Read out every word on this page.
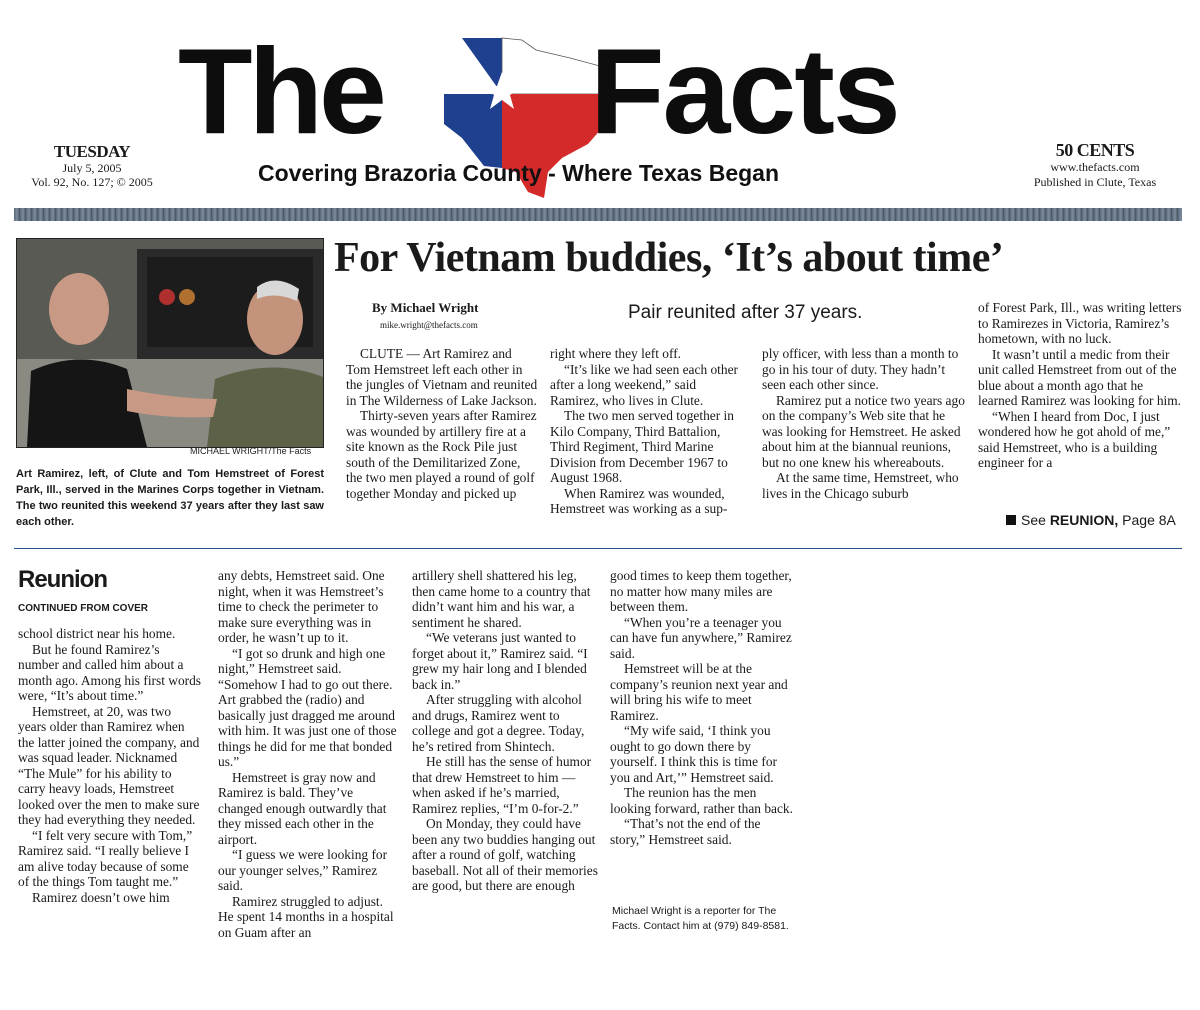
The Facts
Covering Brazoria County - Where Texas Began
TUESDAY
July 5, 2005
Vol. 92, No. 127; © 2005
50 CENTS
www.thefacts.com
Published in Clute, Texas
MICHAEL WRIGHT/The Facts
Art Ramirez, left, of Clute and Tom Hemstreet of Forest Park, Ill., served in the Marines Corps together in Vietnam. The two reunited this weekend 37 years after they last saw each other.
For Vietnam buddies, ‘It’s about time’
By Michael Wright
mike.wright@thefacts.com
Pair reunited after 37 years.

CLUTE — Art Ramirez and Tom Hemstreet left each other in the jungles of Vietnam and reunited in The Wilderness of Lake Jackson.

Thirty-seven years after Ramirez was wounded by artillery fire at a site known as the Rock Pile just south of the Demilitarized Zone, the two men played a round of golf together Monday and picked up

right where they left off.

“It’s like we had seen each other after a long weekend,” said Ramirez, who lives in Clute.

The two men served together in Kilo Company, Third Battalion, Third Regiment, Third Marine Division from December 1967 to August 1968.

When Ramirez was wounded, Hemstreet was working as a sup-

ply officer, with less than a month to go in his tour of duty. They hadn’t seen each other since.

Ramirez put a notice two years ago on the company’s Web site that he was looking for Hemstreet. He asked about him at the biannual reunions, but no one knew his whereabouts.

At the same time, Hemstreet, who lives in the Chicago suburb

of Forest Park, Ill., was writing letters to Ramirezes in Victoria, Ramirez’s hometown, with no luck.

It wasn’t until a medic from their unit called Hemstreet from out of the blue about a month ago that he learned Ramirez was looking for him.

“When I heard from Doc, I just wondered how he got ahold of me,” said Hemstreet, who is a building engineer for a

See REUNION, Page 8A
Reunion
CONTINUED FROM COVER

school district near his home.

But he found Ramirez’s number and called him about a month ago. Among his first words were, “It’s about time.”

Hemstreet, at 20, was two years older than Ramirez when the latter joined the company, and was squad leader. Nicknamed “The Mule” for his ability to carry heavy loads, Hemstreet looked over the men to make sure they had everything they needed.

“I felt very secure with Tom,” Ramirez said. “I really believe I am alive today because of some of the things Tom taught me.”

Ramirez doesn’t owe him

any debts, Hemstreet said. One night, when it was Hemstreet’s time to check the perimeter to make sure everything was in order, he wasn’t up to it.

“I got so drunk and high one night,” Hemstreet said. “Somehow I had to go out there. Art grabbed the (radio) and basically just dragged me around with him. It was just one of those things he did for me that bonded us.”

Hemstreet is gray now and Ramirez is bald. They’ve changed enough outwardly that they missed each other in the airport.

“I guess we were looking for our younger selves,” Ramirez said.

Ramirez struggled to adjust. He spent 14 months in a hospital on Guam after an

artillery shell shattered his leg, then came home to a country that didn’t want him and his war, a sentiment he shared.

“We veterans just wanted to forget about it,” Ramirez said. “I grew my hair long and I blended back in.”

After struggling with alcohol and drugs, Ramirez went to college and got a degree. Today, he’s retired from Shintech.

He still has the sense of humor that drew Hemstreet to him — when asked if he’s married, Ramirez replies, “I’m 0-for-2.”

On Monday, they could have been any two buddies hanging out after a round of golf, watching baseball. Not all of their memories are good, but there are enough

good times to keep them together, no matter how many miles are between them.

“When you’re a teenager you can have fun anywhere,” Ramirez said.

Hemstreet will be at the company’s reunion next year and will bring his wife to meet Ramirez.

“My wife said, ‘I think you ought to go down there by yourself. I think this is time for you and Art,’” Hemstreet said.

The reunion has the men looking forward, rather than back.

“That’s not the end of the story,” Hemstreet said.

Michael Wright is a reporter for The Facts. Contact him at (979) 849-8581.
